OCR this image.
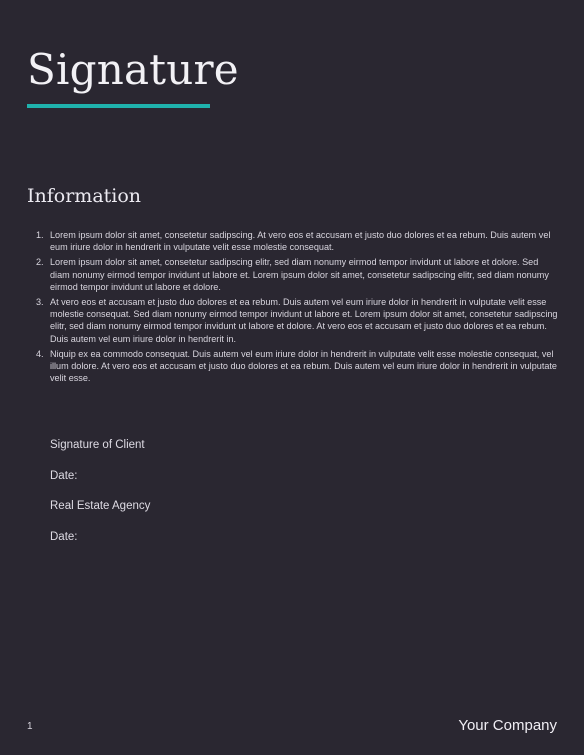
Signature
Information
1. Lorem ipsum dolor sit amet, consetetur sadipscing. At vero eos et accusam et justo duo dolores et ea rebum. Duis autem vel eum iriure dolor in hendrerit in vulputate velit esse molestie consequat.
2. Lorem ipsum dolor sit amet, consetetur sadipscing elitr, sed diam nonumy eirmod tempor invidunt ut labore et dolore. Sed diam nonumy eirmod tempor invidunt ut labore et. Lorem ipsum dolor sit amet, consetetur sadipscing elitr, sed diam nonumy eirmod tempor invidunt ut labore et dolore.
3. At vero eos et accusam et justo duo dolores et ea rebum. Duis autem vel eum iriure dolor in hendrerit in vulputate velit esse molestie consequat. Sed diam nonumy eirmod tempor invidunt ut labore et. Lorem ipsum dolor sit amet, consetetur sadipscing elitr, sed diam nonumy eirmod tempor invidunt ut labore et dolore. At vero eos et accusam et justo duo dolores et ea rebum. Duis autem vel eum iriure dolor in hendrerit in.
4. Niquip ex ea commodo consequat. Duis autem vel eum iriure dolor in hendrerit in vulputate velit esse molestie consequat, vel illum dolore. At vero eos et accusam et justo duo dolores et ea rebum. Duis autem vel eum iriure dolor in hendrerit in vulputate velit esse.
Signature of Client
Date:
Real Estate Agency
Date:
1	Your Company
